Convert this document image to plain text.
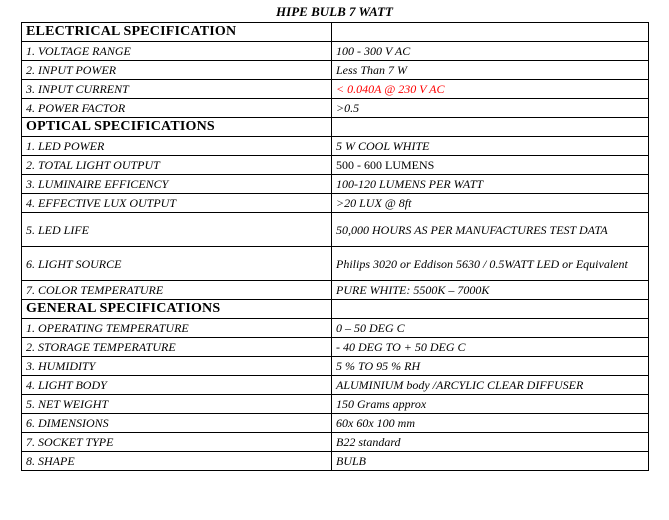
HIPE BULB 7 WATT
ELECTRICAL SPECIFICATION	
1. VOLTAGE RANGE	100 - 300 V AC
2. INPUT POWER	Less Than 7 W
3. INPUT CURRENT	< 0.040A @ 230 V AC
4. POWER FACTOR	>0.5
OPTICAL SPECIFICATIONS	
1. LED POWER	5 W COOL WHITE
2. TOTAL LIGHT OUTPUT	500 - 600 LUMENS
3. LUMINAIRE EFFICENCY	100-120 LUMENS PER WATT
4. EFFECTIVE LUX OUTPUT	>20 LUX @ 8ft
5. LED LIFE	50,000 HOURS AS PER MANUFACTURES TEST DATA
6. LIGHT SOURCE	Philips 3020 or Eddison 5630 / 0.5WATT LED or Equivalent
7. COLOR TEMPERATURE	PURE WHITE: 5500K – 7000K
GENERAL SPECIFICATIONS	
1. OPERATING TEMPERATURE	0 – 50 DEG C
2. STORAGE TEMPERATURE	- 40 DEG TO + 50 DEG C
3. HUMIDITY	5 % TO 95 % RH
4. LIGHT BODY	ALUMINIUM body /ARCYLIC CLEAR DIFFUSER
5. NET WEIGHT	150 Grams approx
6. DIMENSIONS	60x 60x 100 mm
7. SOCKET TYPE	B22 standard
8. SHAPE	BULB
